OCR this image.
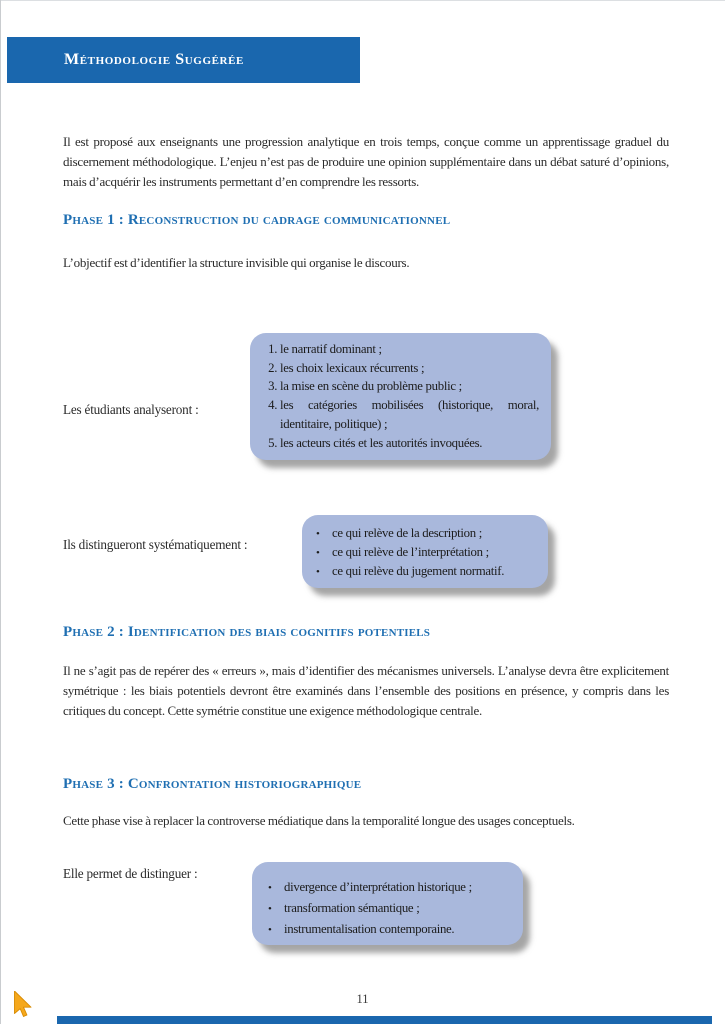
Méthodologie Suggérée

Il est proposé aux enseignants une progression analytique en trois temps, conçue comme un apprentissage graduel du discernement méthodologique. L’enjeu n’est pas de produire une opinion supplémentaire dans un débat saturé d’opinions, mais d’acquérir les instruments permettant d’en comprendre les ressorts.

Phase 1 : Reconstruction du cadrage communicationnel

L’objectif est d’identifier la structure invisible qui organise le discours.

Les étudiants analyseront :
1. le narratif dominant ;
2. les choix lexicaux récurrents ;
3. la mise en scène du problème public ;
4. les catégories mobilisées (historique, moral, identitaire, politique) ;
5. les acteurs cités et les autorités invoquées.
Ils distingueront systématiquement :
• ce qui relève de la description ;
• ce qui relève de l’interprétation ;
• ce qui relève du jugement normatif.
Phase 2 : Identification des biais cognitifs potentiels

Il ne s’agit pas de repérer des « erreurs », mais d’identifier des mécanismes universels. L’analyse devra être explicitement symétrique : les biais potentiels devront être examinés dans l’ensemble des positions en présence, y compris dans les critiques du concept. Cette symétrie constitue une exigence méthodologique centrale.

Phase 3 : Confrontation historiographique

Cette phase vise à replacer la controverse médiatique dans la temporalité longue des usages conceptuels.

Elle permet de distinguer :
• divergence d’interprétation historique ;
• transformation sémantique ;
• instrumentalisation contemporaine.
11
